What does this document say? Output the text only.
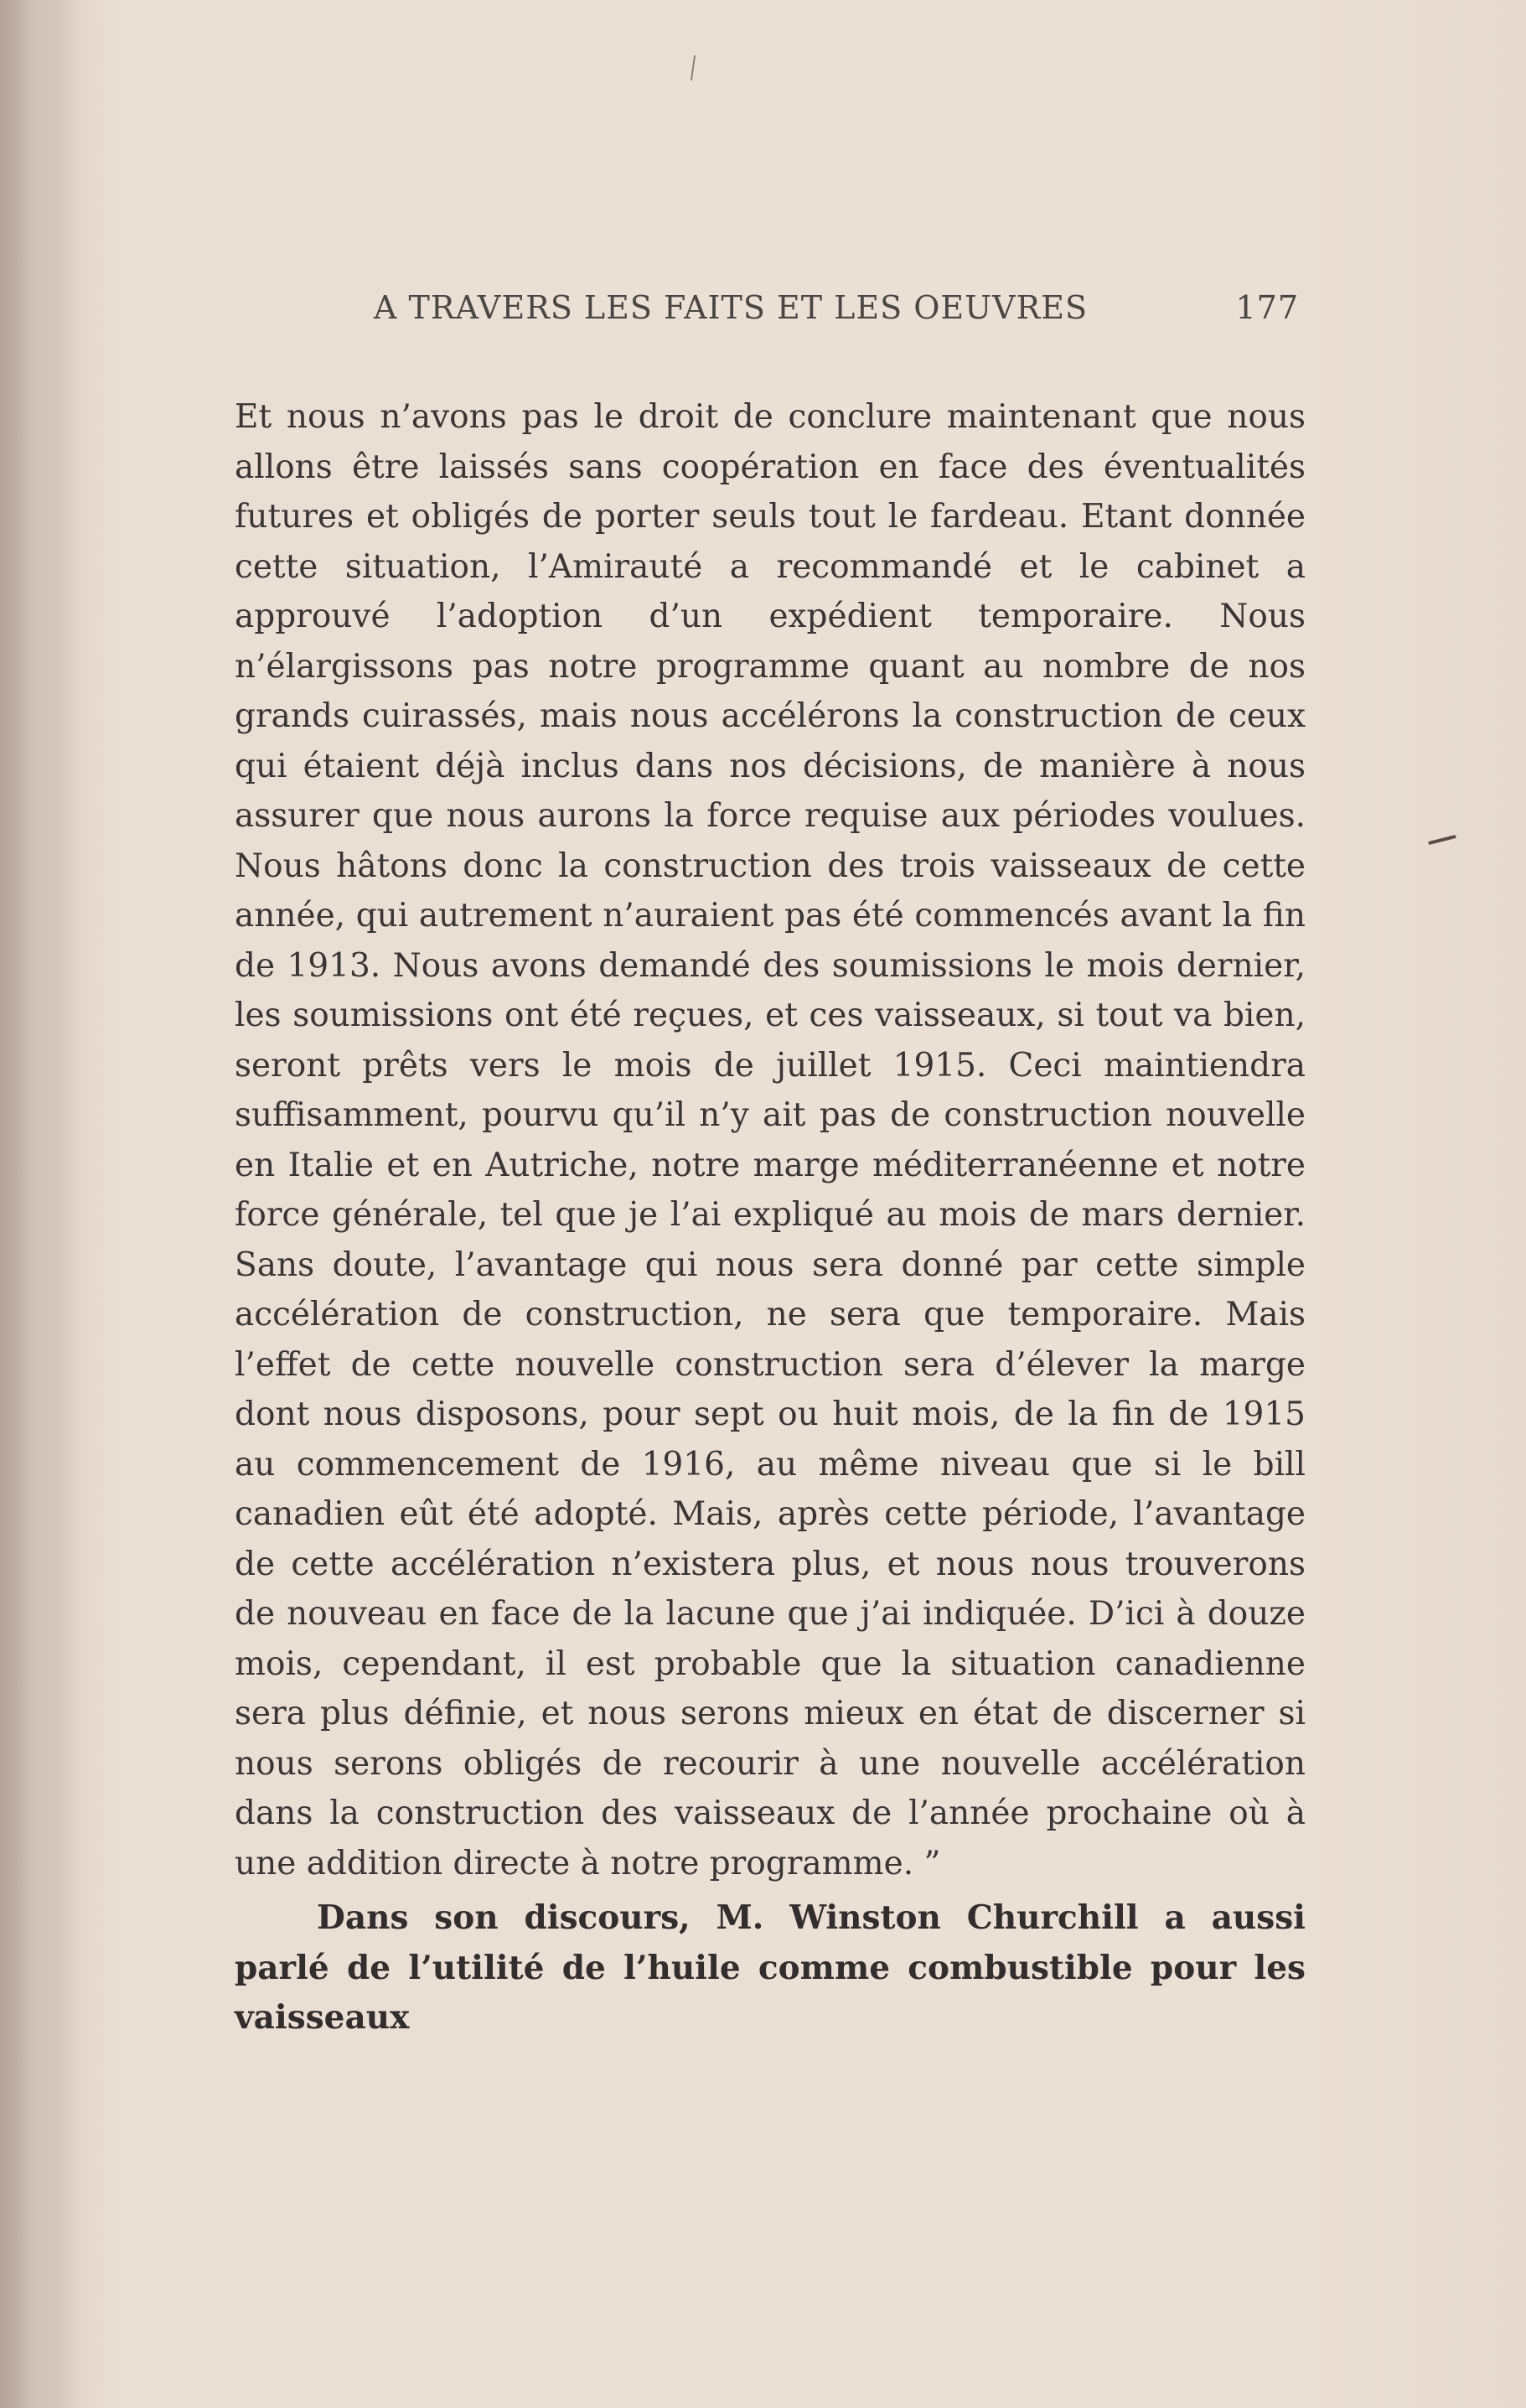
A TRAVERS LES FAITS ET LES OEUVRES	177

Et nous n’avons pas le droit de conclure maintenant que nous allons être laissés sans coopération en face des éventualités futures et obligés de porter seuls tout le fardeau. Etant donnée cette situation, l’Amirauté a recommandé et le cabinet a approuvé l’adoption d’un expédient temporaire. Nous n’élargissons pas notre programme quant au nombre de nos grands cuirassés, mais nous accélérons la construction de ceux qui étaient déjà inclus dans nos décisions, de manière à nous assurer que nous aurons la force requise aux périodes voulues. Nous hâtons donc la construction des trois vaisseaux de cette année, qui autrement n’auraient pas été commencés avant la fin de 1913. Nous avons demandé des soumissions le mois dernier, les soumissions ont été reçues, et ces vaisseaux, si tout va bien, seront prêts vers le mois de juillet 1915. Ceci maintiendra suffisamment, pourvu qu’il n’y ait pas de construction nouvelle en Italie et en Autriche, notre marge méditerranéenne et notre force générale, tel que je l’ai expliqué au mois de mars dernier. Sans doute, l’avantage qui nous sera donné par cette simple accélération de construction, ne sera que temporaire. Mais l’effet de cette nouvelle construction sera d’élever la marge dont nous disposons, pour sept ou huit mois, de la fin de 1915 au commencement de 1916, au même niveau que si le bill canadien eût été adopté. Mais, après cette période, l’avantage de cette accélération n’existera plus, et nous nous trouverons de nouveau en face de la lacune que j’ai indiquée. D’ici à douze mois, cependant, il est probable que la situation canadienne sera plus définie, et nous serons mieux en état de discerner si nous serons obligés de recourir à une nouvelle accélération dans la construction des vaisseaux de l’année prochaine où à une addition directe à notre programme. ”

Dans son discours, M. Winston Churchill a aussi parlé de l’utilité de l’huile comme combustible pour les vaisseaux
